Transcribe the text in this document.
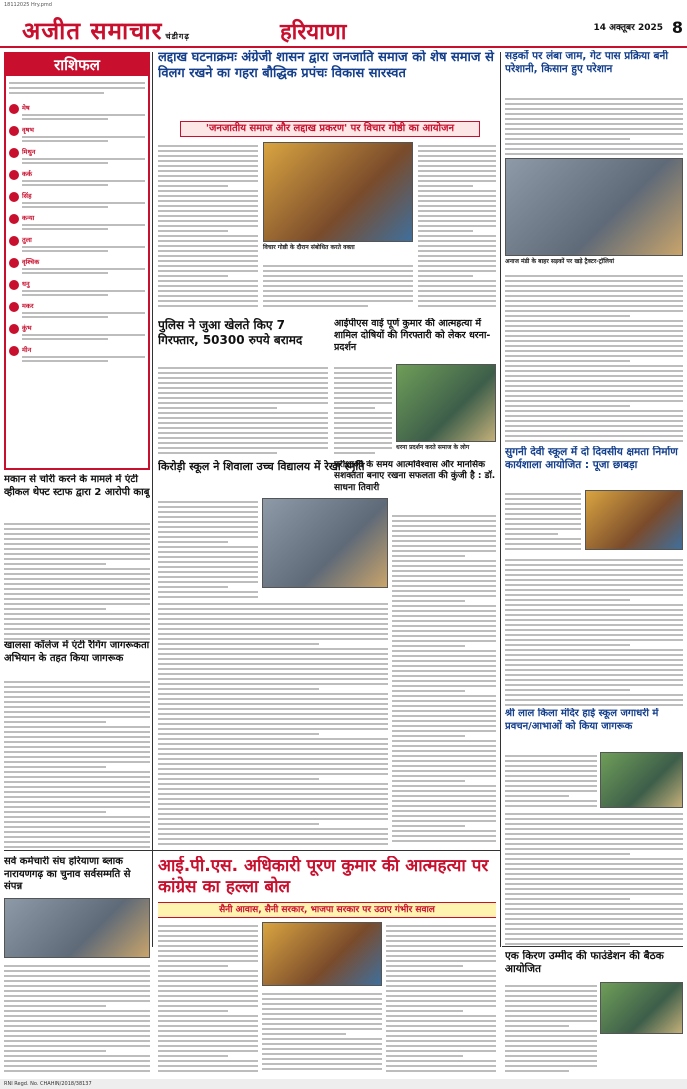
18112025 Hry.pmd
अजीत समाचार चंडीगढ़	हरियाणा	14 अक्तूबर 2025 8
राशिफल
मेष
वृषभ
मिथुन
कर्क
सिंह
कन्या
तुला
वृश्चिक
धनु
मकर
कुंभ
मीन
लद्दाख घटनाक्रमः अंग्रेजी शासन द्वारा जनजाति समाज को शेष समाज से विलग रखने का गहरा बौद्धिक प्रपंचः विकास सारस्वत
'जनजातीय समाज और लद्दाख प्रकरण' पर विचार गोष्ठी का आयोजन
विचार गोष्ठी के दौरान संबोधित करते वक्ता
सड़कों पर लंबा जाम, गेट पास प्रक्रिया बनी परेशानी, किसान हुए परेशान
अनाज मंडी के बाहर सड़कों पर खड़े ट्रैक्टर-ट्रॉलियां
पुलिस ने जुआ खेलते किए 7 गिरफ्तार, 50300 रुपये बरामद
आईपीएस वाई पूर्ण कुमार की आत्महत्या में शामिल दोषियों की गिरफ्तारी को लेकर धरना-प्रदर्शन
धरना प्रदर्शन करते समाज के लोग
मकान से चोरी करने के मामले में एंटी व्हीकल थेफ्ट स्टाफ द्वारा 2 आरोपी काबू
खालसा कॉलेज में एंटी रैगिंग जागरूकता अभियान के तहत किया जागरूक
किरोड़ी स्कूल ने शिवाला उच्च विद्यालय में रेखा स्मृति
परीक्षाओं के समय आत्मविश्वास और मानसिक सशक्तता बनाए रखना सफलता की कुंजी है : डॉ. साधना तिवारी
सुगनी देवी स्कूल में दो दिवसीय क्षमता निर्माण कार्यशाला आयोजित : पूजा छाबड़ा
श्री लाल किला मंदिर हाई स्कूल जगाधरी में प्रवचन/आभाओं को किया जागरूक
सर्व कर्मचारी संघ हरियाणा ब्लाक नारायणगढ़ का चुनाव सर्वसम्मति से संपन्न
आई.पी.एस. अधिकारी पूरण कुमार की आत्महत्या पर कांग्रेस का हल्ला बोल
सैनी आवास, सैनी सरकार, भाजपा सरकार पर उठाए गंभीर सवाल
एक किरण उम्मीद की फाउंडेशन की बैठक आयोजित
RNI Regd. No. CHAHIN/2018/38137
